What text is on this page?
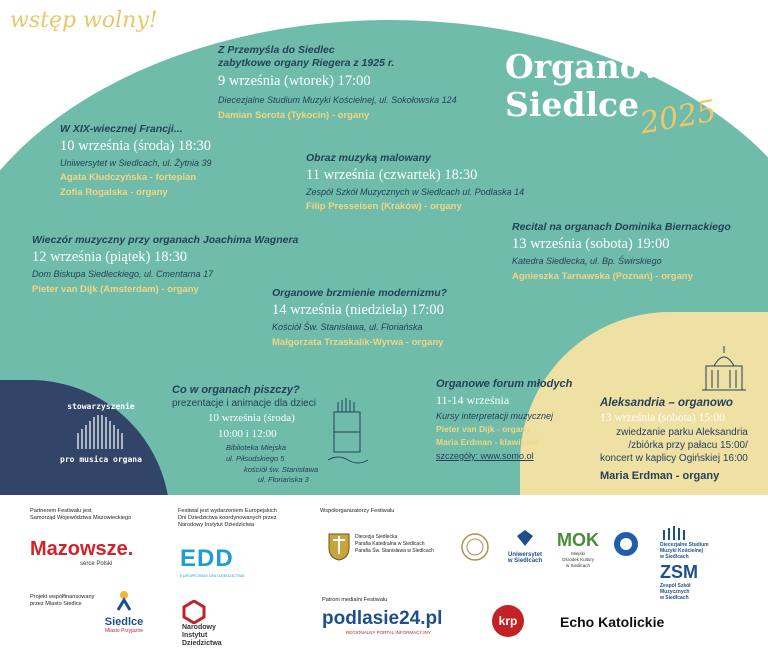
wstęp wolny!
Organowe
Siedlce
2025
Z Przemyśla do Siedlec
zabytkowe organy Riegera z 1925 r.
9 września (wtorek) 17:00
Diecezjalne Studium Muzyki Kościelnej, ul. Sokołowska 124
Damian Sorota (Tykocin) - organy
W XIX-wiecznej Francji...
10 września (środa) 18:30
Uniwersytet w Siedlcach, ul. Żytnia 39
Agata Kłudczyńska - fortepian
Zofia Rogalska - organy
Obraz muzyką malowany
11 września (czwartek) 18:30
Zespół Szkół Muzycznych w Siedlcach ul. Podlaska 14
Filip Presseisen (Kraków) - organy
Wieczór muzyczny przy organach Joachima Wagnera
12 września (piątek) 18:30
Dom Biskupa Siedleckiego, ul. Cmentarna 17
Pieter van Dijk (Amsterdam) - organy
Recital na organach Dominika Biernackiego
13 września (sobota) 19:00
Katedra Siedlecka, ul. Bp. Świrskiego
Agnieszka Tarnawska (Poznań) - organy
Organowe brzmienie modernizmu?
14 września (niedziela) 17:00
Kościół Św. Stanisława, ul. Floriańska
Małgorzata Trzaskalik-Wyrwa - organy
stowarzyszenie
pro musica organa
Co w organach piszczy?
prezentacje i animacje dla dzieci
10 września (środa)
10:00 i 12:00
Biblioteka Miejska
ul. Piłsudskiego 5
kościół św. Stanisława
ul. Floriańska 3
Organowe forum młodych
11-14 września
Kursy interpretacji muzycznej
Pieter van Dijk - organy
Maria Erdman - klawikord
szczegóły: www.somo.ol
Aleksandria – organowo
13 września (sobota) 15:00
zwiedzanie parku Aleksandria
/zbiórka przy pałacu 15:00/
koncert w kaplicy Ogińskiej 16:00
Maria Erdman - organy
Partnerem Festiwalu jest
Samorząd Województwa Mazowieckiego
Mazowsze.
serce Polski
Festiwal jest wydarzeniem Europejskich
Dni Dziedzictwa koordynowanych przez
Narodowy Instytut Dziedzictwa
EDD
EUROPEJSKIE DNI DZIEDZICTWA
Współorganizatorzy Festiwalu
Diecezja Siedlecka
Parafia Katedralna w Siedlcach
Parafia Św. Stanisława w Siedlcach
Uniwersytet
w Siedlcach
MOK
Miejski
Ośrodek Kultury
w Siedlcach
Diecezjalne Studium
Muzyki Kościelnej
w Siedlcach
ZSM
Zespół Szkół
Muzycznych
w Siedlcach
Projekt współfinansowany
przez Miasto Siedlce
Siedlce
Miasto Przyjazne	Narodowy
Instytut
Dziedzictwa
Patroni medialni Festiwalu
podlasie24.pl
REGIONALNY PORTAL INFORMACYJNY
krp	Echo Katolickie
